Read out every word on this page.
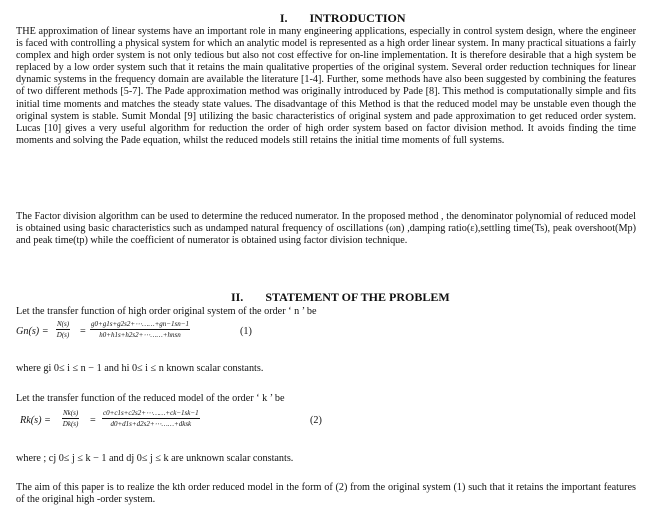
I. INTRODUCTION
THE approximation of linear systems have an important role in many engineering applications, especially in control system design, where the engineer is faced with controlling a physical system for which an analytic model is represented as a high order linear system. In many practical situations a fairly complex and high order system is not only tedious but also not cost effective for on-line implementation. It is therefore desirable that a high system be replaced by a low order system such that it retains the main qualitative properties of the original system. Several order reduction techniques for linear dynamic systems in the frequency domain are available the literature [1-4]. Further, some methods have also been suggested by combining the features of two different methods [5-7]. The Pade approximation method was originally introduced by Pade [8]. This method is computationally simple and fits initial time moments and matches the steady state values. The disadvantage of this Method is that the reduced model may be unstable even though the original system is stable. Sumit Mondal [9] utilizing the basic characteristics of original system and pade approximation to get reduced order system. Lucas [10] gives a very useful algorithm for reduction the order of high order system based on factor division method. It avoids finding the time moments and solving the Pade equation, whilst the reduced models still retains the initial time moments of full systems.
The Factor division algorithm can be used to determine the reduced numerator. In the proposed method , the denominator polynomial of reduced model is obtained using basic characteristics such as undamped natural frequency of oscillations (ωn) ,damping ratio(ε),settling time(Ts), peak overshoot(Mp) and peak time(tp) while the coefficient of numerator is obtained using factor division technique.
II. STATEMENT OF THE PROBLEM
Let the transfer function of high order original system of the order ‘ n ’ be
$Gn(s) = \frac{N(s)}{D(s)}$ =
g0+g1s+g2s2+⋯……+gn−1sn−1
h0+h1s+h2s2+⋯……+hnsn	(1)
where gi 0≤ i ≤ n − 1 and hi 0≤ i ≤ n known scalar constants.
Let the transfer function of the reduced model of the order ‘ k ’ be
$Rk(s) = \frac{Nk(s)}{Dk(s)}$ =
c0+c1s+c2s2+⋯……+ck−1sk−1
d0+d1s+d2s2+⋯……+dksk	(2)
where ; cj 0≤ j ≤ k − 1 and dj 0≤ j ≤ k are unknown scalar constants.
The aim of this paper is to realize the kth order reduced model in the form of (2) from the original system (1) such that it retains the important features of the original high -order system.
